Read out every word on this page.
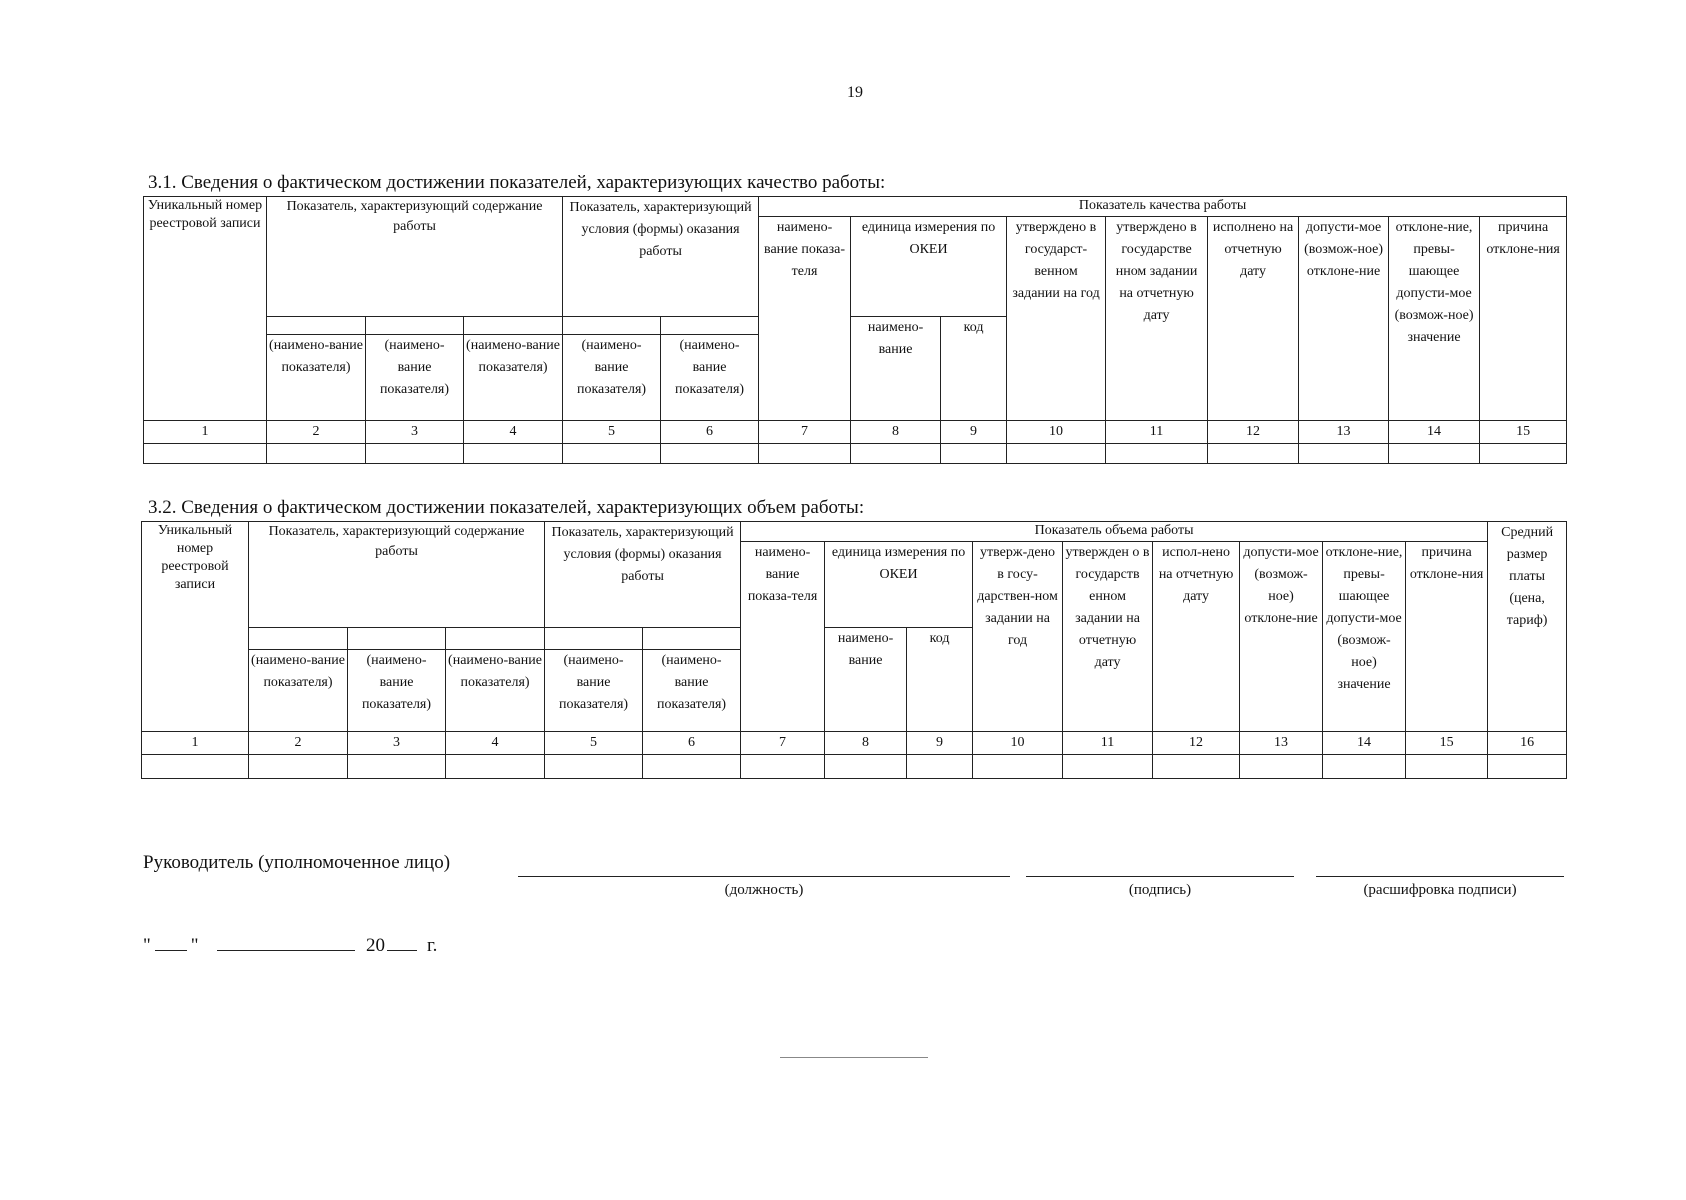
19
3.1. Сведения о фактическом достижении показателей, характеризующих качество работы:
Уникальный номер реестровой записи	Показатель, характеризующий содержание работы			Показатель, характеризующий условия (формы) оказания работы		Показатель качества работы								
						наимено-вание показа-теля	единица измерения по ОКЕИ		утверждено в государст-венном задании на год	утверждено в государстве нном задании на отчетную дату	исполнено на отчетную дату	допусти-мое (возмож-ное) отклоне-ние	отклоне-ние, превы-шающее допусти-мое (возмож-ное) значение	причина отклоне-ния
							наимено-вание	код						
	(наимено-вание показателя)	(наимено-вание показателя)	(наимено-вание показателя)	(наимено-вание показателя)	(наимено-вание показателя)									
1	2	3	4	5	6	7	8	9	10	11	12	13	14	15

3.2. Сведения о фактическом достижении показателей, характеризующих объем работы:
Уникальный номер реестровой записи	Показатель, характеризующий содержание работы			Показатель, характеризующий условия (формы) оказания работы		Показатель объема работы									Средний размер платы (цена, тариф)
						наимено-вание показа-теля	единица измерения по ОКЕИ		утверж-дено в госу-дарствен-ном задании на год	утвержден о в государств енном задании на отчетную дату	испол-нено на отчетную дату	допусти-мое (возмож-ное) отклоне-ние	отклоне-ние, превы-шающее допусти-мое (возмож-ное) значение	причина отклоне-ния	
							наимено-вание	код							
	(наимено-вание показателя)	(наимено-вание показателя)	(наимено-вание показателя)	(наимено-вание показателя)	(наимено-вание показателя)										
1	2	3	4	5	6	7	8	9	10	11	12	13	14	15	16

Руководитель (уполномоченное лицо)
(должность)	(подпись)	(расшифровка подписи)
" "	20 г.
